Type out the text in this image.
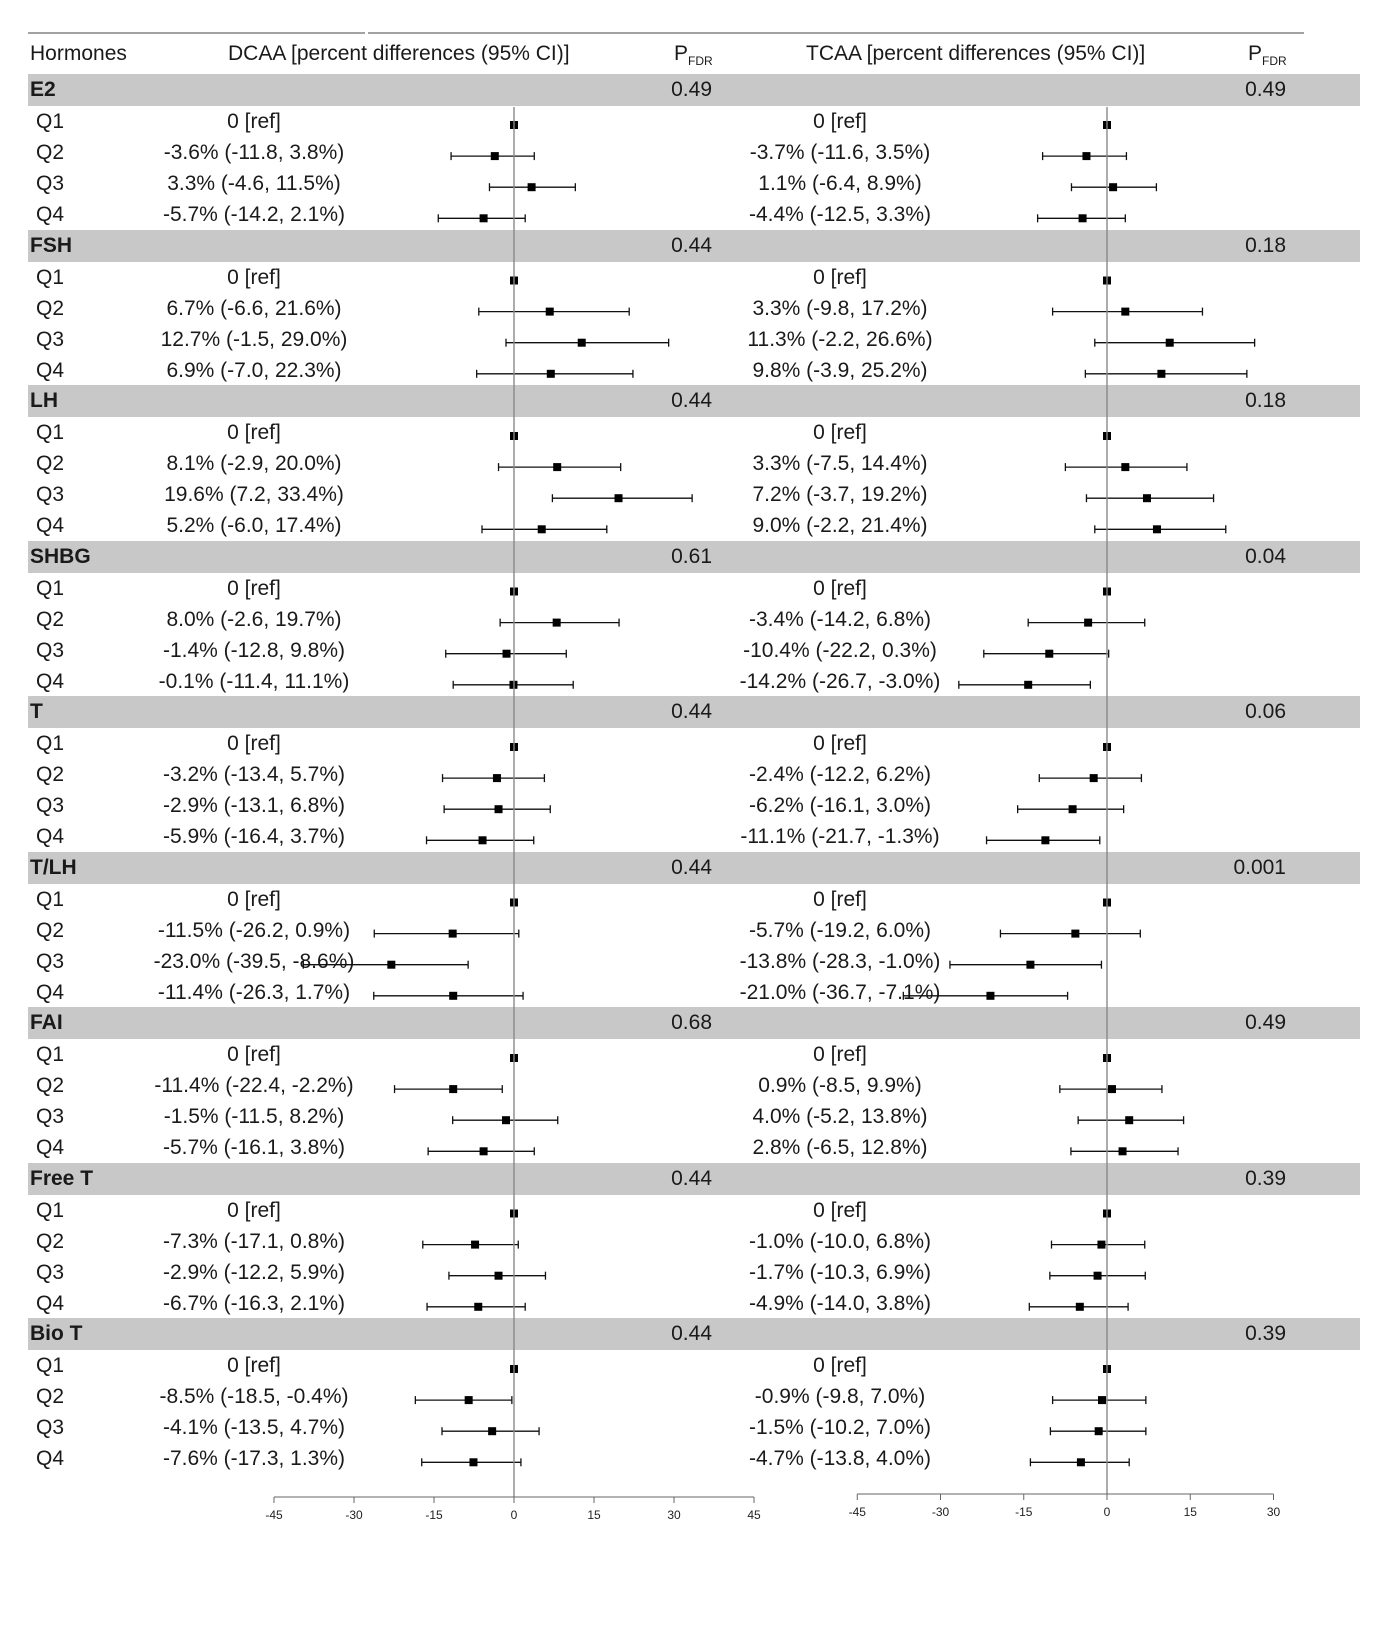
Hormones	DCAA [percent differences (95% CI)]	$P_{FDR}$	TCAA [percent differences (95% CI)]	$P_{FDR}$
E2	0.49	0.49
Q1	0 [ref]	0 [ref]
Q2	-3.6% (-11.8, 3.8%)	-3.7% (-11.6, 3.5%)
Q3	3.3% (-4.6, 11.5%)	1.1% (-6.4, 8.9%)
Q4	-5.7% (-14.2, 2.1%)	-4.4% (-12.5, 3.3%)
FSH	0.44	0.18
Q1	0 [ref]	0 [ref]
Q2	6.7% (-6.6, 21.6%)	3.3% (-9.8, 17.2%)
Q3	12.7% (-1.5, 29.0%)	11.3% (-2.2, 26.6%)
Q4	6.9% (-7.0, 22.3%)	9.8% (-3.9, 25.2%)
LH	0.44	0.18
Q1	0 [ref]	0 [ref]
Q2	8.1% (-2.9, 20.0%)	3.3% (-7.5, 14.4%)
Q3	19.6% (7.2, 33.4%)	7.2% (-3.7, 19.2%)
Q4	5.2% (-6.0, 17.4%)	9.0% (-2.2, 21.4%)
SHBG	0.61	0.04
Q1	0 [ref]	0 [ref]
Q2	8.0% (-2.6, 19.7%)	-3.4% (-14.2, 6.8%)
Q3	-1.4% (-12.8, 9.8%)	-10.4% (-22.2, 0.3%)
Q4	-0.1% (-11.4, 11.1%)	-14.2% (-26.7, -3.0%)
T	0.44	0.06
Q1	0 [ref]	0 [ref]
Q2	-3.2% (-13.4, 5.7%)	-2.4% (-12.2, 6.2%)
Q3	-2.9% (-13.1, 6.8%)	-6.2% (-16.1, 3.0%)
Q4	-5.9% (-16.4, 3.7%)	-11.1% (-21.7, -1.3%)
T/LH	0.44	0.001
Q1	0 [ref]	0 [ref]
Q2	-11.5% (-26.2, 0.9%)	-5.7% (-19.2, 6.0%)
Q3	-23.0% (-39.5, -8.6%)	-13.8% (-28.3, -1.0%)
Q4	-11.4% (-26.3, 1.7%)	-21.0% (-36.7, -7.1%)
FAI	0.68	0.49
Q1	0 [ref]	0 [ref]
Q2	-11.4% (-22.4, -2.2%)	0.9% (-8.5, 9.9%)
Q3	-1.5% (-11.5, 8.2%)	4.0% (-5.2, 13.8%)
Q4	-5.7% (-16.1, 3.8%)	2.8% (-6.5, 12.8%)
Free T	0.44	0.39
Q1	0 [ref]	0 [ref]
Q2	-7.3% (-17.1, 0.8%)	-1.0% (-10.0, 6.8%)
Q3	-2.9% (-12.2, 5.9%)	-1.7% (-10.3, 6.9%)
Q4	-6.7% (-16.3, 2.1%)	-4.9% (-14.0, 3.8%)
Bio T	0.44	0.39
Q1	0 [ref]	0 [ref]
Q2	-8.5% (-18.5, -0.4%)	-0.9% (-9.8, 7.0%)
Q3	-4.1% (-13.5, 4.7%)	-1.5% (-10.2, 7.0%)
Q4	-7.6% (-17.3, 1.3%)	-4.7% (-13.8, 4.0%)
-45	-30	-15	0	15	30	45	-45	-30	-15	0	15	30
